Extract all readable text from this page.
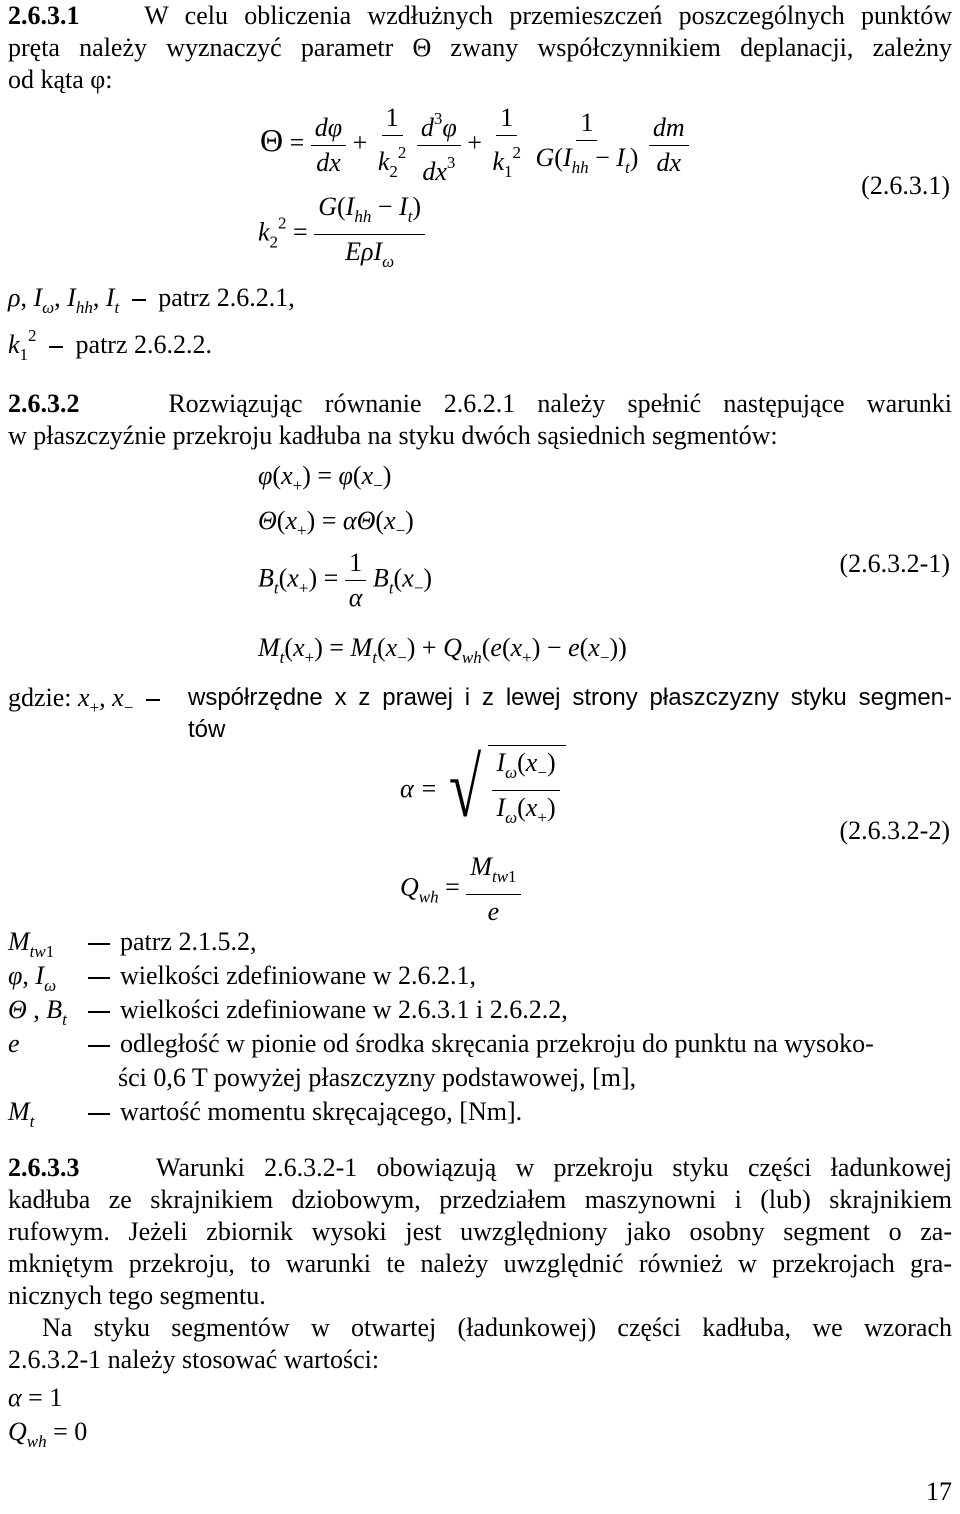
2.6.3.1 W celu obliczenia wzdłużnych przemieszczeń poszczególnych punktów
pręta należy wyznaczyć parametr Θ zwany współczynnikiem deplanacji, zależny
od kąta φ:
$\Theta = \frac{d\varphi}{dx} + \frac{1}{k_2^2}$
$\frac{d^3\varphi}{dx^3} + \frac{1}{k_1^2}$
$\frac{1}{G(I_{hh} - I_t)}$
$\frac{dm}{dx}$
(2.6.3.1)
$k_2^2 = \frac{G(I_{hh} - I_t)}{E\rho I_\omega}$
ρ, $I_\omega$, $I_{hh}$, $I_t$  patrz 2.6.2.1,
$k_1^2$  patrz 2.6.2.2.
2.6.3.2	Rozwiązując równanie 2.6.2.1 należy spełnić następujące warunki
w płaszczyźnie przekroju kadłuba na styku dwóch sąsiednich segmentów:
$\varphi(x_+) = \varphi(x_-)$
$\Theta(x_+) = \alpha\Theta(x_-)$
$B_t(x_+) = \frac{1}{\alpha} B_t(x_-)$	(2.6.3.2-1)
$M_t(x_+) = M_t(x_-) + Q_{wh}(e(x_+) - e(x_-))$
gdzie: $x_+$, $x_-$	współrzędne x z prawej i z lewej strony płaszczyzny styku segmen-
tów
α = √ $\frac{I_\omega(x_-)}{I_\omega(x_+)}$	(2.6.3.2-2)
$Q_{wh} = \frac{M_{tw1}}{e}$
$M_{tw1}$	patrz 2.1.5.2,
φ, $I_\omega$ wielkości zdefiniowane w 2.6.2.1,
Θ , $B_t$ wielkości zdefiniowane w 2.6.3.1 i 2.6.2.2,
e	odległość w pionie od środka skręcania przekroju do punktu na wysoko-
ści 0,6 T powyżej płaszczyzny podstawowej, [m],
$M_t$	wartość momentu skręcającego, [Nm].
2.6.3.3	Warunki 2.6.3.2-1 obowiązują w przekroju styku części ładunkowej
kadłuba ze skrajnikiem dziobowym, przedziałem maszynowni i (lub) skrajnikiem
rufowym. Jeżeli zbiornik wysoki jest uwzględniony jako osobny segment o za-
mkniętym przekroju, to warunki te należy uwzględnić również w przekrojach gra-
nicznych tego segmentu.
Na styku segmentów w otwartej (ładunkowej) części kadłuba, we wzorach
2.6.3.2-1 należy stosować wartości:
α = 1
$Q_{wh} = 0$
17
